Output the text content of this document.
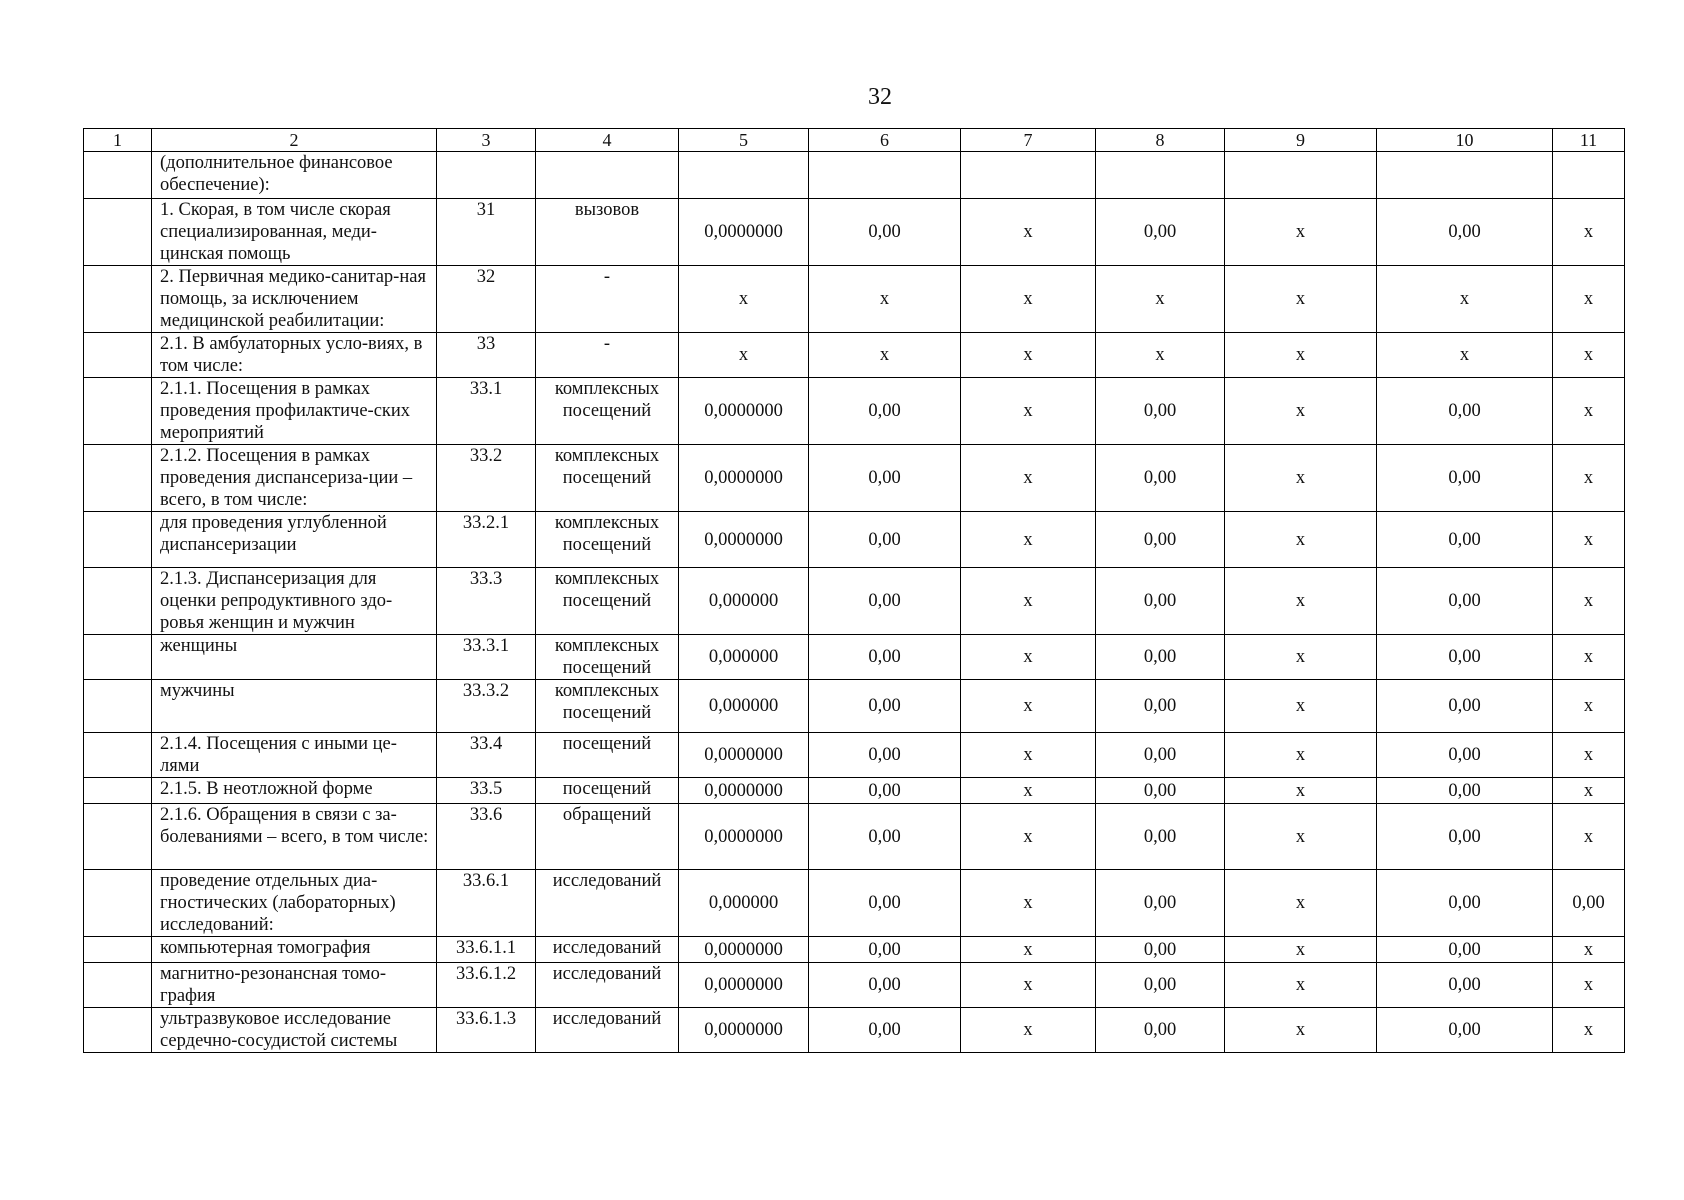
32
1	2	3	4	5	6	7	8	9	10	11
	(дополнительное финансовое обеспечение):									
	1. Скорая, в том числе скорая специализированная, меди-цинская помощь	31	вызовов	0,0000000	0,00	х	0,00	х	0,00	х
	2. Первичная медико-санитар-ная помощь, за исключением медицинской реабилитации:	32	-	х	х	х	х	х	х	х
	2.1. В амбулаторных усло-виях, в том числе:	33	-	х	х	х	х	х	х	х
	2.1.1. Посещения в рамках проведения профилактиче-ских мероприятий	33.1	комплексных посещений	0,0000000	0,00	х	0,00	х	0,00	х
	2.1.2. Посещения в рамках проведения диспансериза-ции – всего, в том числе:	33.2	комплексных посещений	0,0000000	0,00	х	0,00	х	0,00	х
	для проведения углубленной диспансеризации	33.2.1	комплексных посещений	0,0000000	0,00	х	0,00	х	0,00	х
	2.1.3. Диспансеризация для оценки репродуктивного здо-ровья женщин и мужчин	33.3	комплексных посещений	0,000000	0,00	х	0,00	х	0,00	х
	женщины	33.3.1	комплексных посещений	0,000000	0,00	х	0,00	х	0,00	х
	мужчины	33.3.2	комплексных посещений	0,000000	0,00	х	0,00	х	0,00	х
	2.1.4. Посещения с иными це-лями	33.4	посещений	0,0000000	0,00	х	0,00	х	0,00	х
	2.1.5. В неотложной форме	33.5	посещений	0,0000000	0,00	х	0,00	х	0,00	х
	2.1.6. Обращения в связи с за-болеваниями – всего, в том числе:	33.6	обращений	0,0000000	0,00	х	0,00	х	0,00	х
	проведение отдельных диа-гностических (лабораторных) исследований:	33.6.1	исследований	0,000000	0,00	х	0,00	х	0,00	0,00
	компьютерная томография	33.6.1.1	исследований	0,0000000	0,00	х	0,00	х	0,00	х
	магнитно-резонансная томо-графия	33.6.1.2	исследований	0,0000000	0,00	х	0,00	х	0,00	х
	ультразвуковое исследование сердечно-сосудистой системы	33.6.1.3	исследований	0,0000000	0,00	х	0,00	х	0,00	х
